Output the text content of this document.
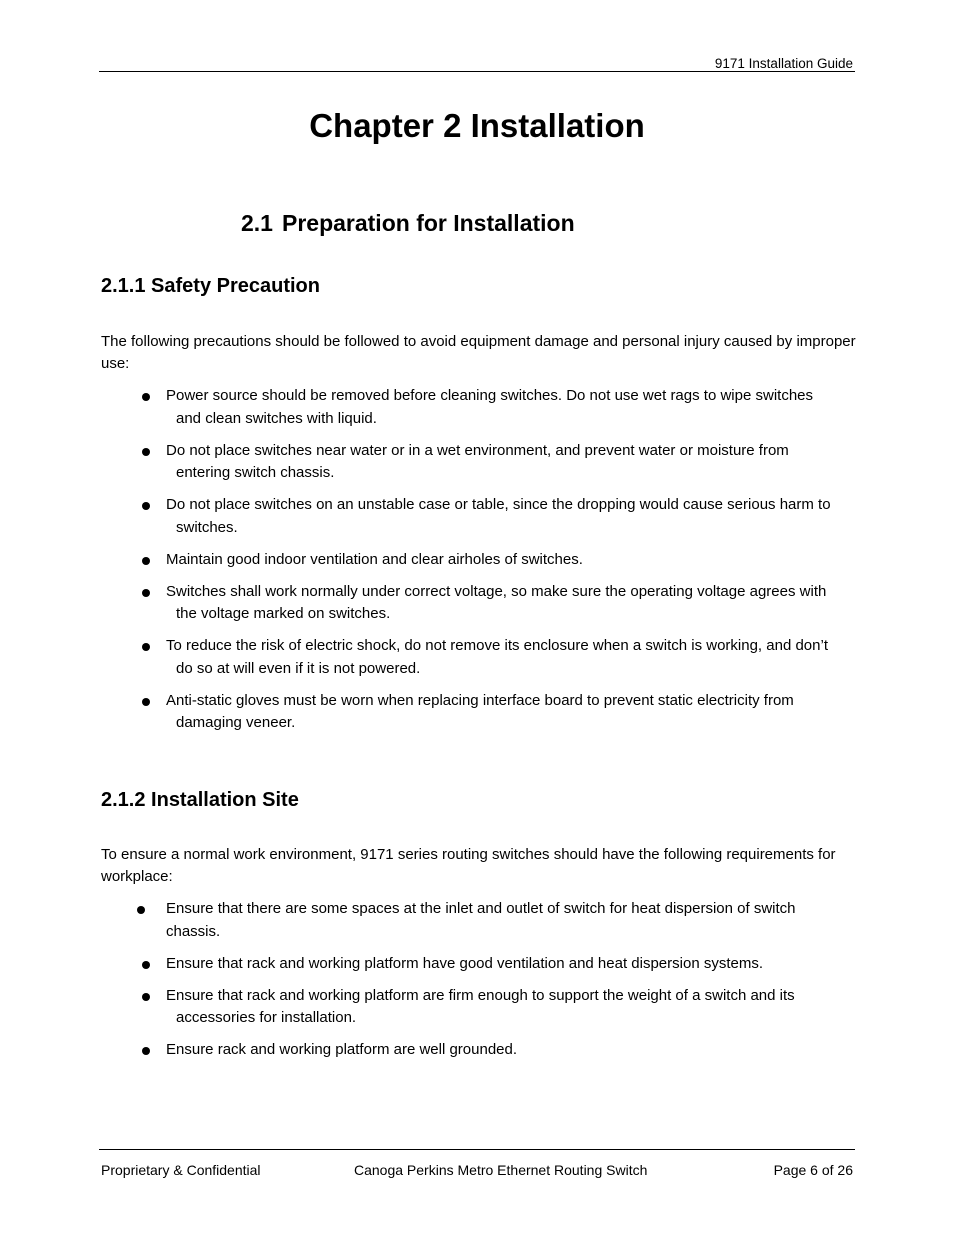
9171 Installation Guide
Chapter 2 Installation
2.1 Preparation for Installation
2.1.1 Safety Precaution
The following precautions should be followed to avoid equipment damage and personal injury caused by improper use:
Power source should be removed before cleaning switches. Do not use wet rags to wipe switches
and clean switches with liquid.
Do not place switches near water or in a wet environment, and prevent water or moisture from
entering switch chassis.
Do not place switches on an unstable case or table, since the dropping would cause serious harm to
switches.
Maintain good indoor ventilation and clear airholes of switches.
Switches shall work normally under correct voltage, so make sure the operating voltage agrees with
the voltage marked on switches.
To reduce the risk of electric shock, do not remove its enclosure when a switch is working, and don’t
do so at will even if it is not powered.
Anti-static gloves must be worn when replacing interface board to prevent static electricity from
damaging veneer.
2.1.2 Installation Site
To ensure a normal work environment, 9171 series routing switches should have the following requirements for workplace:
Ensure that there are some spaces at the inlet and outlet of switch for heat dispersion of switch
chassis.
Ensure that rack and working platform have good ventilation and heat dispersion systems.
Ensure that rack and working platform are firm enough to support the weight of a switch and its
accessories for installation.
Ensure rack and working platform are well grounded.
Proprietary & Confidential	Canoga Perkins Metro Ethernet Routing Switch	Page 6 of 26
